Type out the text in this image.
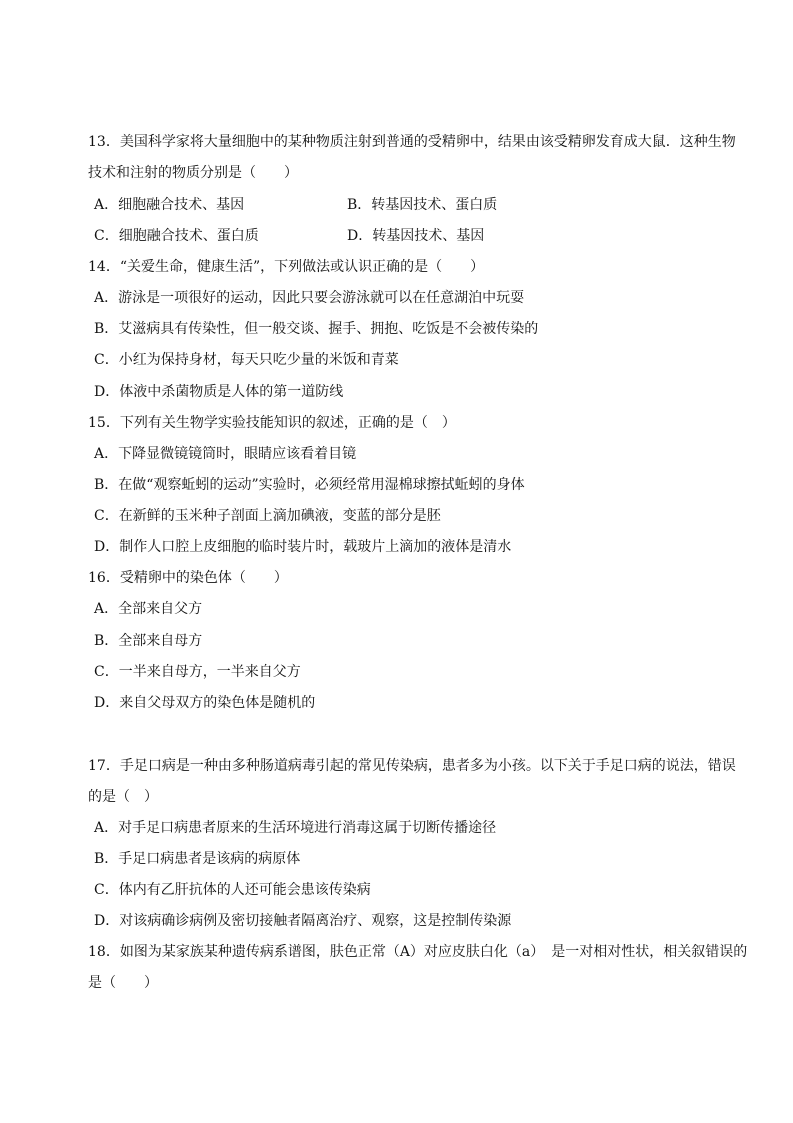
13．美国科学家将大量细胞中的某种物质注射到普通的受精卵中，结果由该受精卵发育成大鼠．这种生物
技术和注射的物质分别是（　　）
A．细胞融合技术、基因	B．转基因技术、蛋白质
C．细胞融合技术、蛋白质	D．转基因技术、基因
14．“关爱生命，健康生活”，下列做法或认识正确的是（　　）
A．游泳是一项很好的运动，因此只要会游泳就可以在任意湖泊中玩耍
B．艾滋病具有传染性，但一般交谈、握手、拥抱、吃饭是不会被传染的
C．小红为保持身材，每天只吃少量的米饭和青菜
D．体液中杀菌物质是人体的第一道防线
15．下列有关生物学实验技能知识的叙述，正确的是（　）
A．下降显微镜镜筒时，眼睛应该看着目镜
B．在做“观察蚯蚓的运动”实验时，必须经常用湿棉球擦拭蚯蚓的身体
C．在新鲜的玉米种子剖面上滴加碘液，变蓝的部分是胚
D．制作人口腔上皮细胞的临时装片时，载玻片上滴加的液体是清水
16．受精卵中的染色体（　　）
A．全部来自父方
B．全部来自母方
C．一半来自母方，一半来自父方
D．来自父母双方的染色体是随机的
17．手足口病是一种由多种肠道病毒引起的常见传染病，患者多为小孩。以下关于手足口病的说法，错误
的是（　）
A．对手足口病患者原来的生活环境进行消毒这属于切断传播途径
B．手足口病患者是该病的病原体
C．体内有乙肝抗体的人还可能会患该传染病
D．对该病确诊病例及密切接触者隔离治疗、观察，这是控制传染源
18．如图为某家族某种遗传病系谱图，肤色正常（A）对应皮肤白化（a）　是一对相对性状，相关叙错误的
是（　　）
